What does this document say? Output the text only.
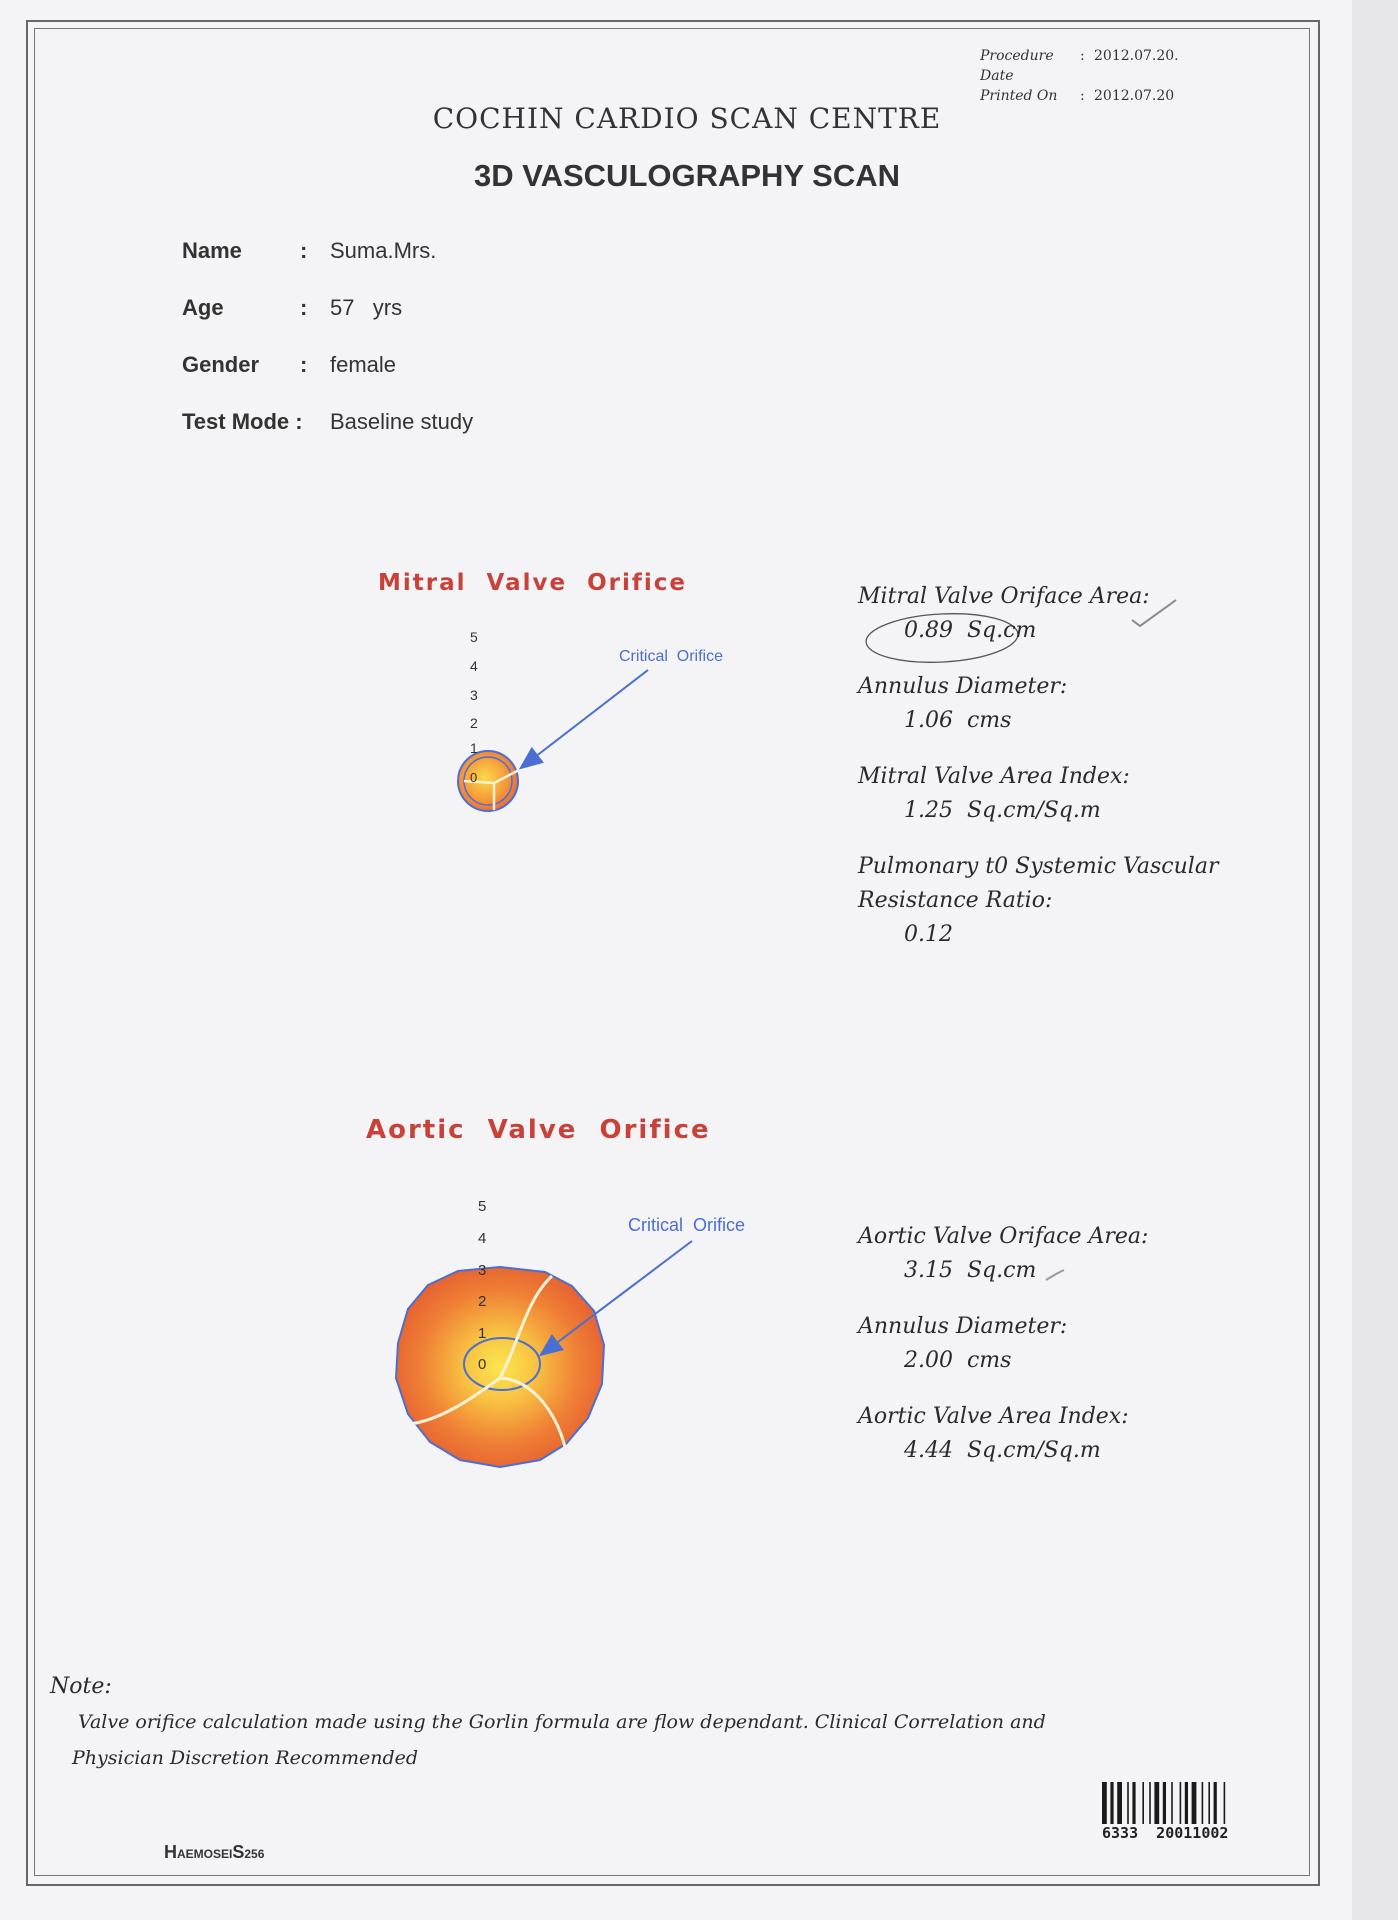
Procedure Date
: 2012.07.20.
Printed On	: 2012.07.20
COCHIN CARDIO SCAN CENTRE
3D VASCULOGRAPHY SCAN
Name	:	Suma.Mrs.
Age	:	57   yrs
Gender	:	female
Test Mode :	Baseline study
Mitral  Valve  Orifice
Aortic  Valve  Orifice
5
4
3
2
1
0
Critical  Orifice
5
4
3
2
1
0
Critical  Orifice
Mitral Valve Oriface Area:
0.89  Sq.cm
Annulus Diameter:
1.06  cms
Mitral Valve Area Index:
1.25  Sq.cm/Sq.m
Pulmonary t0 Systemic Vascular
Resistance Ratio:
0.12
Aortic Valve Oriface Area:
3.15  Sq.cm
Annulus Diameter:
2.00  cms
Aortic Valve Area Index:
4.44  Sq.cm/Sq.m
Note:
Valve orifice calculation made using the Gorlin formula are flow dependant. Clinical Correlation and Physician Discretion Recommended
HAEMOSEIS256
6333  20011002
